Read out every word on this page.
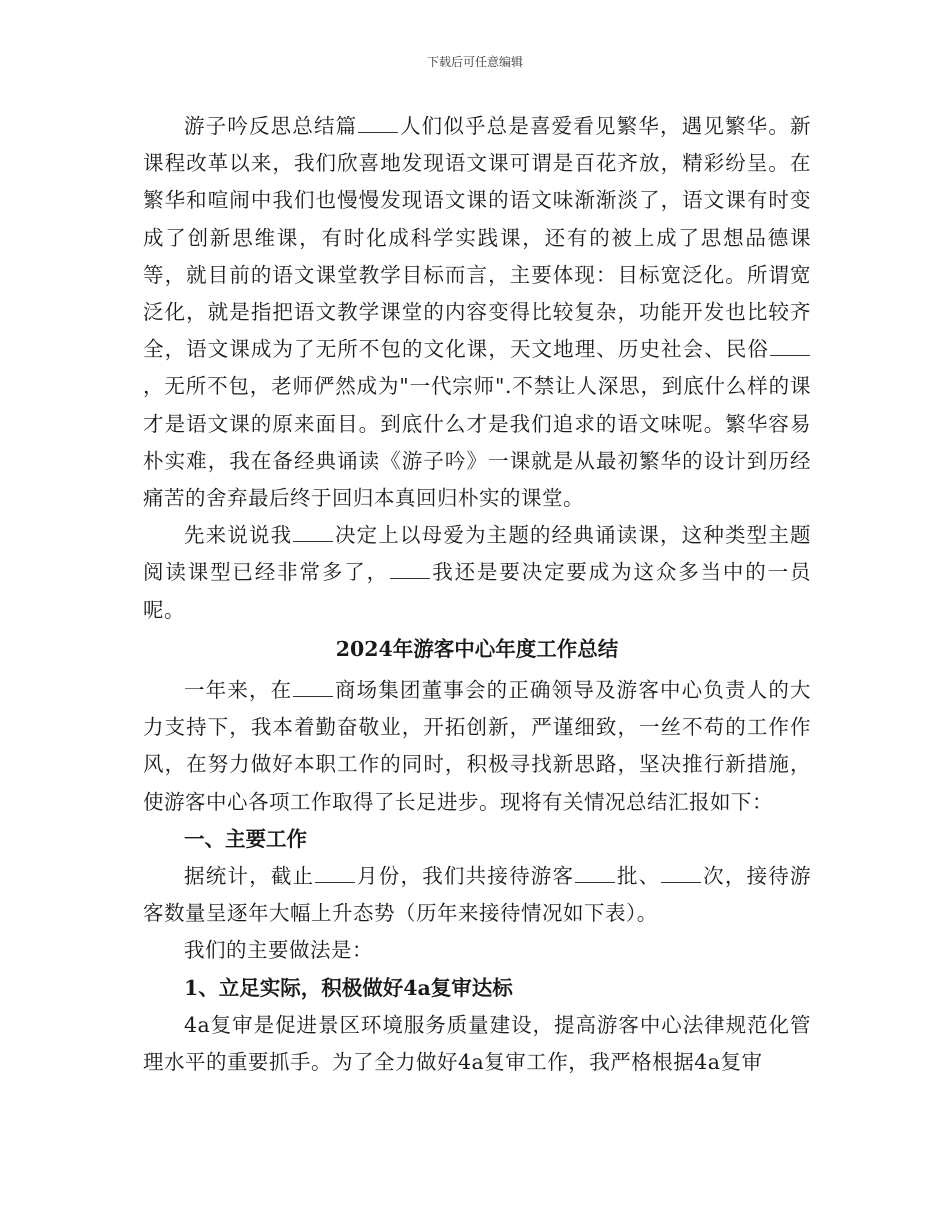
下载后可任意编辑

游子吟反思总结篇 人们似乎总是喜爱看见繁华，遇见繁华。新课程改革以来，我们欣喜地发现语文课可谓是百花齐放，精彩纷呈。在繁华和喧闹中我们也慢慢发现语文课的语文味渐渐淡了，语文课有时变成了创新思维课，有时化成科学实践课，还有的被上成了思想品德课等，就目前的语文课堂教学目标而言，主要体现：目标宽泛化。所谓宽泛化，就是指把语文教学课堂的内容变得比较复杂，功能开发也比较齐全，语文课成为了无所不包的文化课，天文地理、历史社会、民俗，无所不包，老师俨然成为"一代宗师".不禁让人深思，到底什么样的课才是语文课的原来面目。到底什么才是我们追求的语文味呢。繁华容易朴实难，我在备经典诵读《游子吟》一课就是从最初繁华的设计到历经痛苦的舍弃最后终于回归本真回归朴实的课堂。

先来说说我 决定上以母爱为主题的经典诵读课，这种类型主题阅读课型已经非常多了， 我还是要决定要成为这众多当中的一员呢。

2024年游客中心年度工作总结

一年来，在 商场集团董事会的正确领导及游客中心负责人的大力支持下，我本着勤奋敬业，开拓创新，严谨细致，一丝不苟的工作作风，在努力做好本职工作的同时，积极寻找新思路，坚决推行新措施，使游客中心各项工作取得了长足进步。现将有关情况总结汇报如下：

一、主要工作

据统计，截止 月份，我们共接待游客 批、 次，接待游客数量呈逐年大幅上升态势（历年来接待情况如下表）。

我们的主要做法是：

1、立足实际，积极做好4a复审达标

4a复审是促进景区环境服务质量建设，提高游客中心法律规范化管理水平的重要抓手。为了全力做好4a复审工作，我严格根据4a复审
